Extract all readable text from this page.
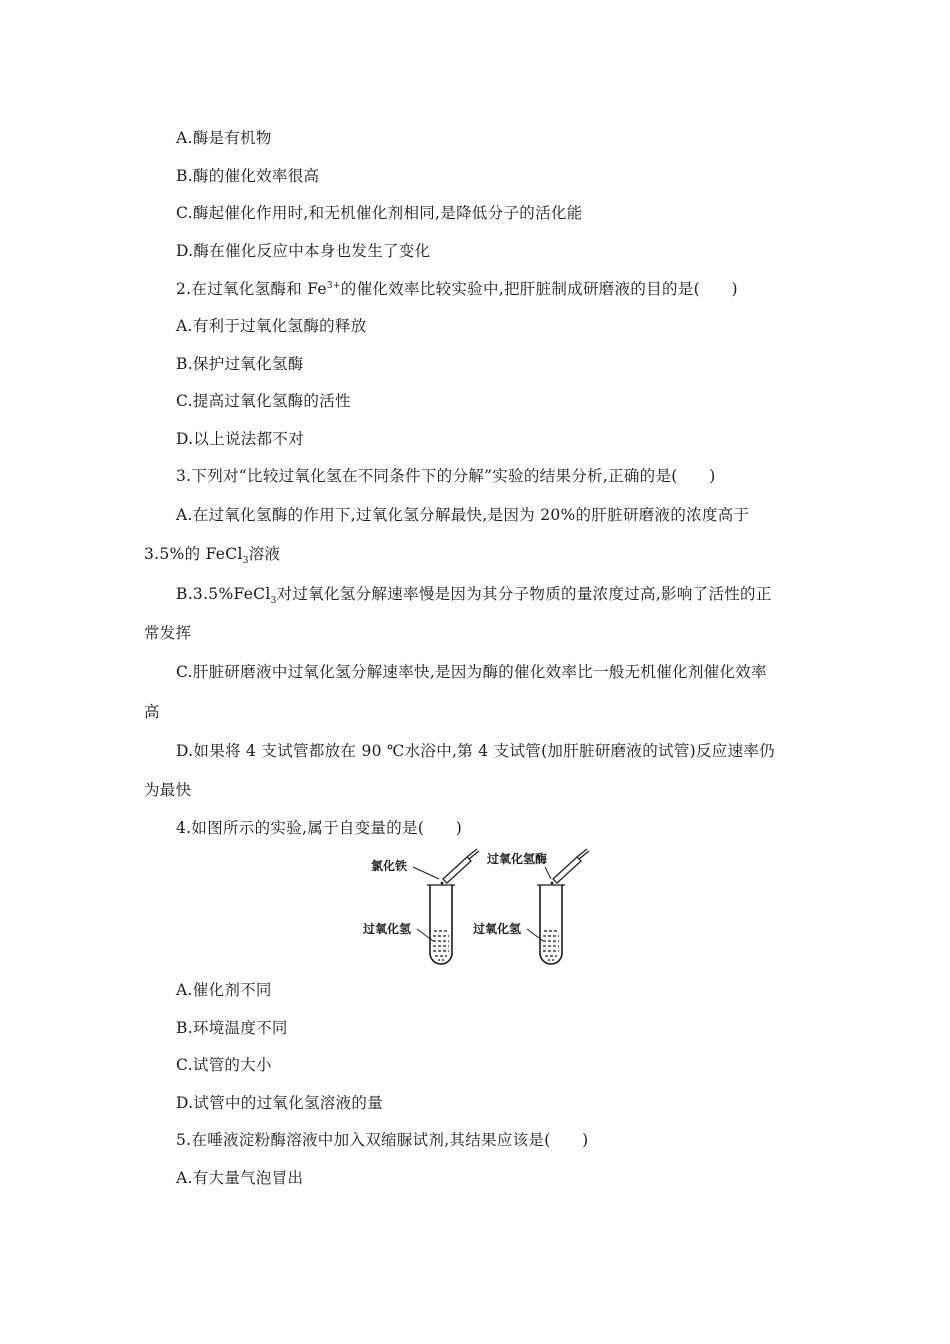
A.酶是有机物
B.酶的催化效率很高
C.酶起催化作用时,和无机催化剂相同,是降低分子的活化能
D.酶在催化反应中本身也发生了变化
2.在过氧化氢酶和 $Fe^{3+}$的催化效率比较实验中,把肝脏制成研磨液的目的是(　　)
A.有利于过氧化氢酶的释放
B.保护过氧化氢酶
C.提高过氧化氢酶的活性
D.以上说法都不对
3.下列对“比较过氧化氢在不同条件下的分解”实验的结果分析,正确的是(　　)
A.在过氧化氢酶的作用下,过氧化氢分解最快,是因为 20%的肝脏研磨液的浓度高于
3.5%的 FeCl$_3$溶液
B.3.5%FeCl$_3$对过氧化氢分解速率慢是因为其分子物质的量浓度过高,影响了活性的正
常发挥
C.肝脏研磨液中过氧化氢分解速率快,是因为酶的催化效率比一般无机催化剂催化效率
高
D.如果将 4 支试管都放在 90 ℃水浴中,第 4 支试管(加肝脏研磨液的试管)反应速率仍
为最快
4.如图所示的实验,属于自变量的是(　　)
氯化铁
过氧化氢
过氧化氢酶
过氧化氢
A.催化剂不同
B.环境温度不同
C.试管的大小
D.试管中的过氧化氢溶液的量
5.在唾液淀粉酶溶液中加入双缩脲试剂,其结果应该是(　　)
A.有大量气泡冒出
